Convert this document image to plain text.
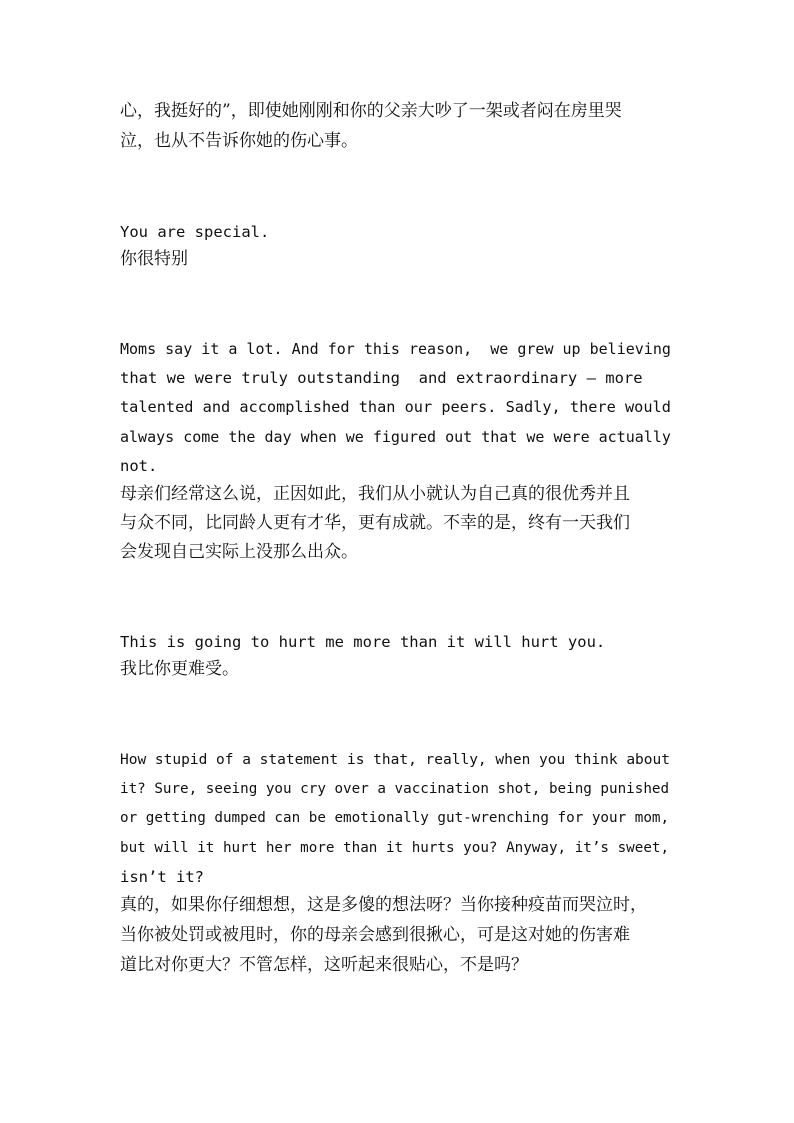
心，我挺好的”，即使她刚刚和你的父亲大吵了一架或者闷在房里哭
泣，也从不告诉你她的伤心事。
You are special.
你很特别
Moms say it a lot. And for this reason,  we grew up believing
that we were truly outstanding  and extraordinary – more
talented and accomplished than our peers. Sadly, there would
always come the day when we figured out that we were actually
not.
母亲们经常这么说，正因如此，我们从小就认为自己真的很优秀并且
与众不同，比同龄人更有才华，更有成就。不幸的是，终有一天我们
会发现自己实际上没那么出众。
This is going to hurt me more than it will hurt you.
我比你更难受。
How stupid of a statement is that, really, when you think about
it? Sure, seeing you cry over a vaccination shot, being punished
or getting dumped can be emotionally gut-wrenching for your mom,
but will it hurt her more than it hurts you? Anyway, it’s sweet,
isn’t it?
真的，如果你仔细想想，这是多傻的想法呀？当你接种疫苗而哭泣时，
当你被处罚或被甩时，你的母亲会感到很揪心，可是这对她的伤害难
道比对你更大？不管怎样，这听起来很贴心，不是吗？
